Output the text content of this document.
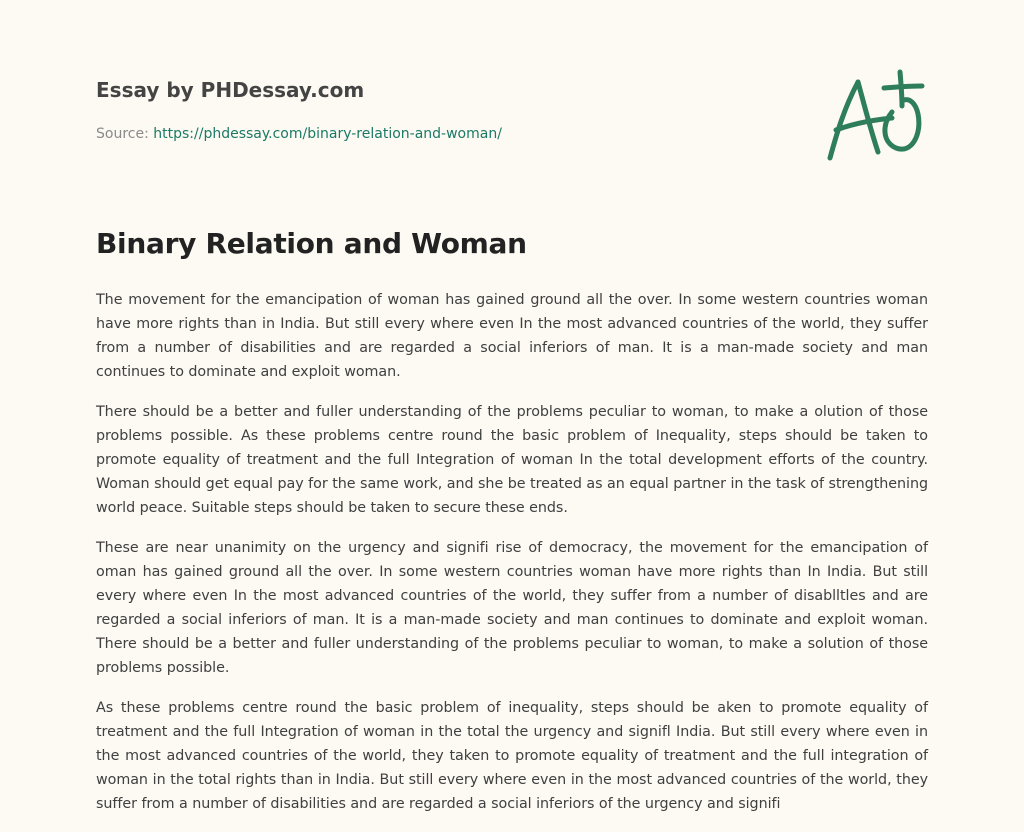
Essay by PHDessay.com
Source: https://phdessay.com/binary-relation-and-woman/
Binary Relation and Woman

The movement for the emancipation of woman has gained ground all the over. In some western countries woman have more rights than in India. But still every where even In the most advanced countries of the world, they suffer from a number of disabilities and are regarded a social inferiors of man. It is a man-made society and man continues to dominate and exploit woman.

There should be a better and fuller understanding of the problems peculiar to woman, to make a olution of those problems possible. As these problems centre round the basic problem of Inequality, steps should be taken to promote equality of treatment and the full Integration of woman In the total development efforts of the country. Woman should get equal pay for the same work, and she be treated as an equal partner in the task of strengthening world peace. Suitable steps should be taken to secure these ends.

These are near unanimity on the urgency and signifi rise of democracy, the movement for the emancipation of oman has gained ground all the over. In some western countries woman have more rights than In India. But still every where even In the most advanced countries of the world, they suffer from a number of disablltles and are regarded a social inferiors of man. It is a man-made society and man continues to dominate and exploit woman. There should be a better and fuller understanding of the problems peculiar to woman, to make a solution of those problems possible.

As these problems centre round the basic problem of inequality, steps should be aken to promote equality of treatment and the full Integration of woman in the total the urgency and signifl India. But still every where even in the most advanced countries of the world, they taken to promote equality of treatment and the full integration of woman in the total rights than in India. But still every where even in the most advanced countries of the world, they suffer from a number of disabilities and are regarded a social inferiors of the urgency and signifi
